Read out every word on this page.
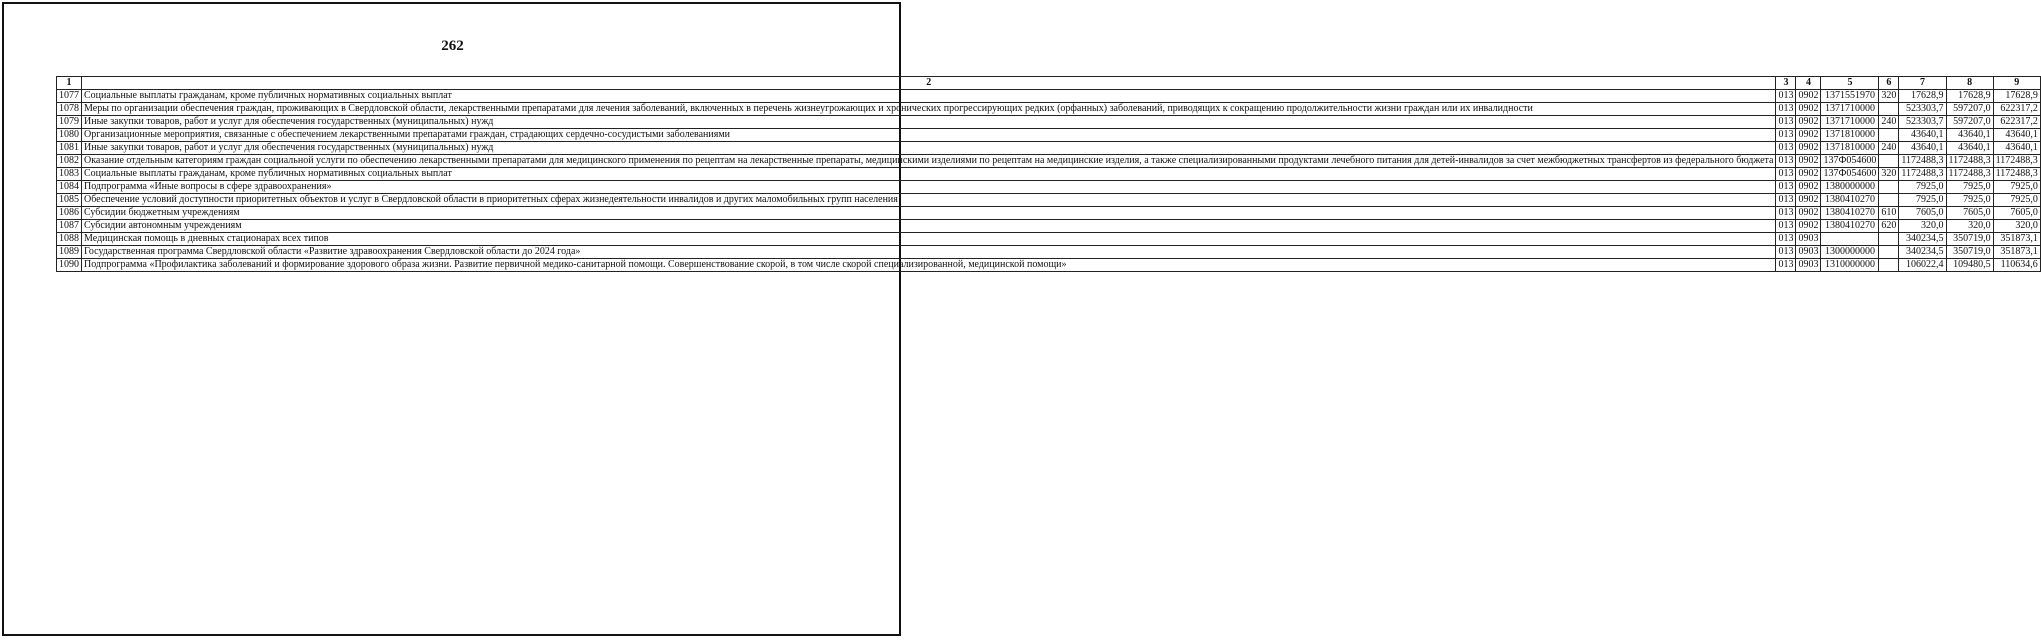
262
1	2	3	4	5	6	7	8	9
1077	Социальные выплаты гражданам, кроме публичных нормативных социальных выплат	013	0902	1371551970	320	17628,9	17628,9	17628,9
1078	Меры по организации обеспечения граждан, проживающих в Свердловской области, лекарственными препаратами для лечения заболеваний, включенных в перечень жизнеугрожающих и хронических прогрессирующих редких (орфанных) заболеваний, приводящих к сокращению продолжительности жизни граждан или их инвалидности	013	0902	1371710000		523303,7	597207,0	622317,2
1079	Иные закупки товаров, работ и услуг для обеспечения государственных (муниципальных) нужд	013	0902	1371710000	240	523303,7	597207,0	622317,2
1080	Организационные мероприятия, связанные с обеспечением лекарственными препаратами граждан, страдающих сердечно-сосудистыми заболеваниями	013	0902	1371810000		43640,1	43640,1	43640,1
1081	Иные закупки товаров, работ и услуг для обеспечения государственных (муниципальных) нужд	013	0902	1371810000	240	43640,1	43640,1	43640,1
1082	Оказание отдельным категориям граждан социальной услуги по обеспечению лекарственными препаратами для медицинского применения по рецептам на лекарственные препараты, медицинскими изделиями по рецептам на медицинские изделия, а также специализированными продуктами лечебного питания для детей-инвалидов за счет межбюджетных трансфертов из федерального бюджета	013	0902	137Ф054600		1172488,3	1172488,3	1172488,3
1083	Социальные выплаты гражданам, кроме публичных нормативных социальных выплат	013	0902	137Ф054600	320	1172488,3	1172488,3	1172488,3
1084	Подпрограмма «Иные вопросы в сфере здравоохранения»	013	0902	1380000000		7925,0	7925,0	7925,0
1085	Обеспечение условий доступности приоритетных объектов и услуг в Свердловской области в приоритетных сферах жизнедеятельности инвалидов и других маломобильных групп населения	013	0902	1380410270		7925,0	7925,0	7925,0
1086	Субсидии бюджетным учреждениям	013	0902	1380410270	610	7605,0	7605,0	7605,0
1087	Субсидии автономным учреждениям	013	0902	1380410270	620	320,0	320,0	320,0
1088	Медицинская помощь в дневных стационарах всех типов	013	0903			340234,5	350719,0	351873,1
1089	Государственная программа Свердловской области «Развитие здравоохранения Свердловской области до 2024 года»	013	0903	1300000000		340234,5	350719,0	351873,1
1090	Подпрограмма «Профилактика заболеваний и формирование здорового образа жизни. Развитие первичной медико-санитарной помощи. Совершенствование скорой, в том числе скорой специализированной, медицинской помощи»	013	0903	1310000000		106022,4	109480,5	110634,6
